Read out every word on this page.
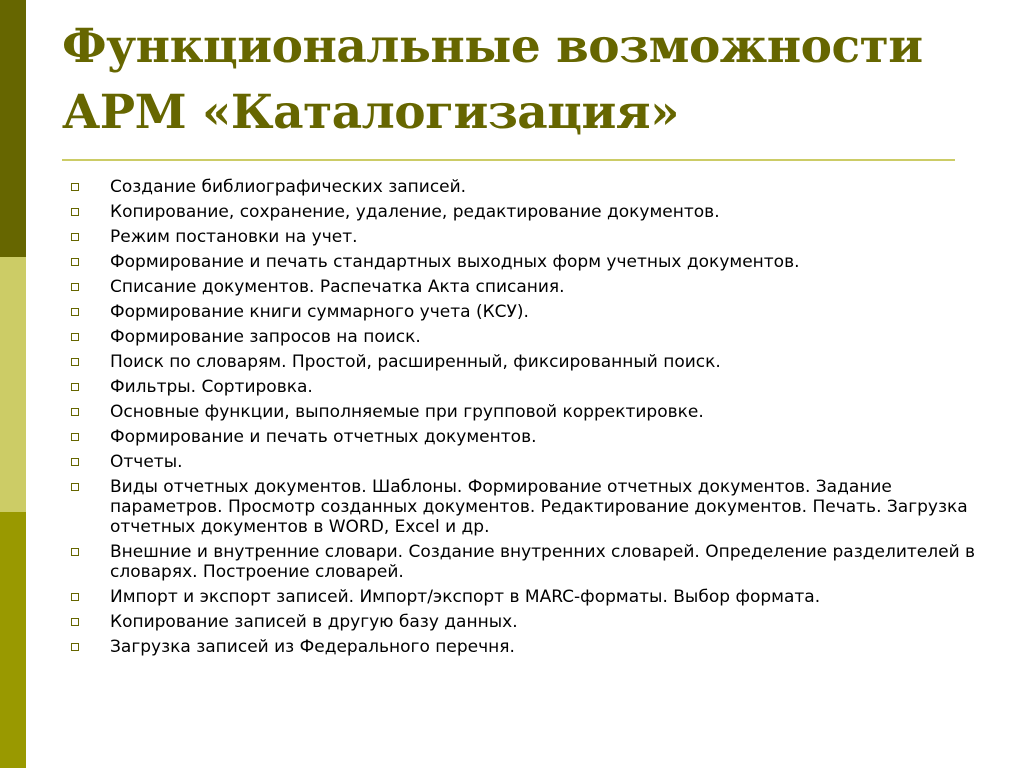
Функциональные возможности
АРМ «Каталогизация»
Создание библиографических записей.
Копирование, сохранение, удаление, редактирование документов.
Режим постановки на учет.
Формирование и печать стандартных выходных форм учетных документов.
Списание документов. Распечатка Акта списания.
Формирование книги суммарного учета (КСУ).
Формирование запросов на поиск.
Поиск по словарям. Простой, расширенный, фиксированный поиск.
Фильтры. Сортировка.
Основные функции, выполняемые при групповой корректировке.
Формирование и печать отчетных документов.
Отчеты.
Виды отчетных документов. Шаблоны. Формирование отчетных документов. Задание параметров. Просмотр созданных документов. Редактирование документов. Печать. Загрузка отчетных документов в WORD, Excel и др.
Внешние и внутренние словари. Создание внутренних словарей. Определение разделителей в словарях. Построение словарей.
Импорт и экспорт записей. Импорт/экспорт в MARC-форматы. Выбор формата.
Копирование записей в другую базу данных.
Загрузка записей из Федерального перечня.
